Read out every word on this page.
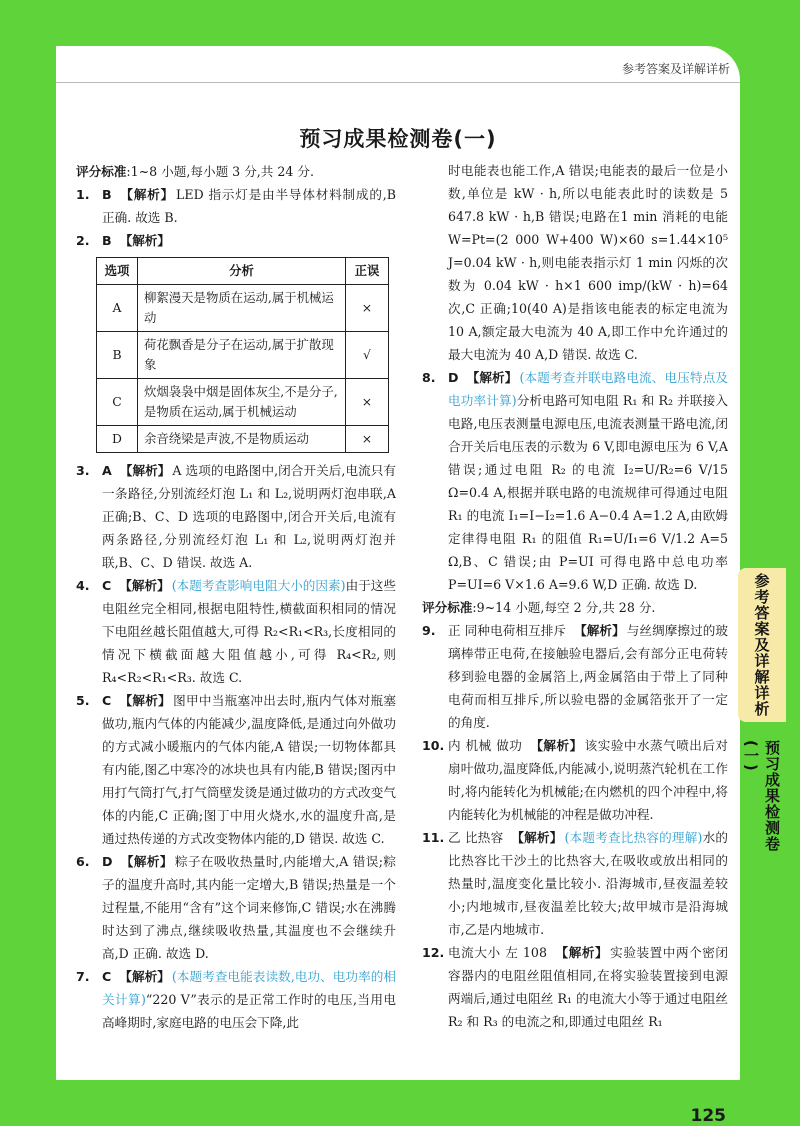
参考答案及详解详析
预习成果检测卷(一)
评分标准:1~8 小题,每小题 3 分,共 24 分.
1. B 【解析】 LED 指示灯是由半导体材料制成的,B 正确. 故选 B.
2. B 【解析】
选项	分析	正误
A	柳絮漫天是物质在运动,属于机械运动	×
B	荷花飘香是分子在运动,属于扩散现象	√
C	炊烟袅袅中烟是固体灰尘,不是分子,是物质在运动,属于机械运动	×
D	余音绕梁是声波,不是物质运动	×
3. A 【解析】 A 选项的电路图中,闭合开关后,电流只有一条路径,分别流经灯泡 L₁ 和 L₂,说明两灯泡串联,A 正确;B、C、D 选项的电路图中,闭合开关后,电流有两条路径,分别流经灯泡 L₁ 和 L₂,说明两灯泡并联,B、C、D 错误. 故选 A.
4. C 【解析】 (本题考查影响电阻大小的因素)由于这些电阻丝完全相同,根据电阻特性,横截面积相同的情况下电阻丝越长阻值越大,可得 R₂<R₁<R₃,长度相同的情况下横截面越大阻值越小,可得 R₄<R₂,则 R₄<R₂<R₁<R₃. 故选 C.
5. C 【解析】 图甲中当瓶塞冲出去时,瓶内气体对瓶塞做功,瓶内气体的内能减少,温度降低,是通过向外做功的方式减小暖瓶内的气体内能,A 错误;一切物体都具有内能,图乙中寒冷的冰块也具有内能,B 错误;图丙中用打气筒打气,打气筒壁发烫是通过做功的方式改变气体的内能,C 正确;图丁中用火烧水,水的温度升高,是通过热传递的方式改变物体内能的,D 错误. 故选 C.
6. D 【解析】 粽子在吸收热量时,内能增大,A 错误;粽子的温度升高时,其内能一定增大,B 错误;热量是一个过程量,不能用“含有”这个词来修饰,C 错误;水在沸腾时达到了沸点,继续吸收热量,其温度也不会继续升高,D 正确. 故选 D.
7. C 【解析】 (本题考查电能表读数,电功、电功率的相关计算)“220 V”表示的是正常工作时的电压,当用电高峰期时,家庭电路的电压会下降,此
时电能表也能工作,A 错误;电能表的最后一位是小数,单位是 kW · h,所以电能表此时的读数是 5 647.8 kW · h,B 错误;电路在1 min 消耗的电能 W=Pt=(2 000 W+400 W)×60 s=1.44×10⁵ J=0.04 kW · h,则电能表指示灯 1 min 闪烁的次数为 0.04 kW · h×1 600 imp/(kW · h)=64 次,C 正确;10(40 A)是指该电能表的标定电流为 10 A,额定最大电流为 40 A,即工作中允许通过的最大电流为 40 A,D 错误. 故选 C.
8. D 【解析】 (本题考查并联电路电流、电压特点及电功率计算)分析电路可知电阻 R₁ 和 R₂ 并联接入电路,电压表测量电源电压,电流表测量干路电流,闭合开关后电压表的示数为 6 V,即电源电压为 6 V,A 错误;通过电阻 R₂ 的电流 I₂=U/R₂=6 V/15 Ω=0.4 A,根据并联电路的电流规律可得通过电阻 R₁ 的电流 I₁=I−I₂=1.6 A−0.4 A=1.2 A,由欧姆定律得电阻 R₁ 的阻值 R₁=U/I₁=6 V/1.2 A=5 Ω,B、C 错误;由 P=UI 可得电路中总电功率 P=UI=6 V×1.6 A=9.6 W,D 正确. 故选 D.
评分标准:9~14 小题,每空 2 分,共 28 分.
9. 正 同种电荷相互排斥 【解析】 与丝绸摩擦过的玻璃棒带正电荷,在接触验电器后,会有部分正电荷转移到验电器的金属箔上,两金属箔由于带上了同种电荷而相互排斥,所以验电器的金属箔张开了一定的角度.
10. 内 机械 做功 【解析】 该实验中水蒸气喷出后对扇叶做功,温度降低,内能减小,说明蒸汽轮机在工作时,将内能转化为机械能;在内燃机的四个冲程中,将内能转化为机械能的冲程是做功冲程.
11. 乙 比热容 【解析】 (本题考查比热容的理解)水的比热容比干沙土的比热容大,在吸收或放出相同的热量时,温度变化量比较小. 沿海城市,昼夜温差较小;内地城市,昼夜温差比较大;故甲城市是沿海城市,乙是内地城市.
12. 电流大小 左 108 【解析】 实验装置中两个密闭容器内的电阻丝阻值相同,在将实验装置接到电源两端后,通过电阻丝 R₁ 的电流大小等于通过电阻丝 R₂ 和 R₃ 的电流之和,即通过电阻丝 R₁
125
参考答案及详解详析
预习成果检测卷(一)
